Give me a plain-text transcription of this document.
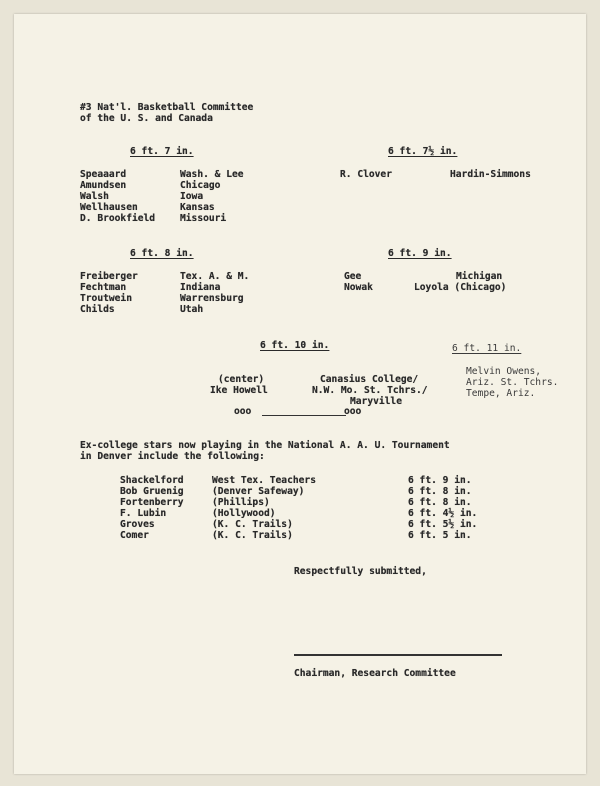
#3 Nat'l. Basketball Committee
of the U. S. and Canada
6 ft. 7 in.
Speaaard	Wash. & Lee
Amundsen	Chicago
Walsh	Iowa
Wellhausen	Kansas
D. Brookfield	Missouri
6 ft. 7½ in.
R. Clover	Hardin-Simmons
6 ft. 8 in.
Freiberger	Tex. A. & M.
Fechtman	Indiana
Troutwein	Warrensburg
Childs	Utah
6 ft. 9 in.
Gee	Michigan
Nowak	Loyola (Chicago)
6 ft. 10 in.
(center)
Ike Howell
Canasius College/
N.W. Mo. St. Tchrs./
Maryville
ooo	ooo
6 ft. 11 in.
Melvin Owens,
Ariz. St. Tchrs.
Tempe, Ariz.
Ex-college stars now playing in the National A. A. U. Tournament
in Denver include the following:
Shackelford	West Tex. Teachers	6 ft. 9 in.
Bob Gruenig	(Denver Safeway)	6 ft. 8 in.
Fortenberry	(Phillips)	6 ft. 8 in.
F. Lubin	(Hollywood)	6 ft. 4½ in.
Groves	(K. C. Trails)	6 ft. 5½ in.
Comer	(K. C. Trails)	6 ft. 5 in.
Respectfully submitted,
Chairman, Research Committee
